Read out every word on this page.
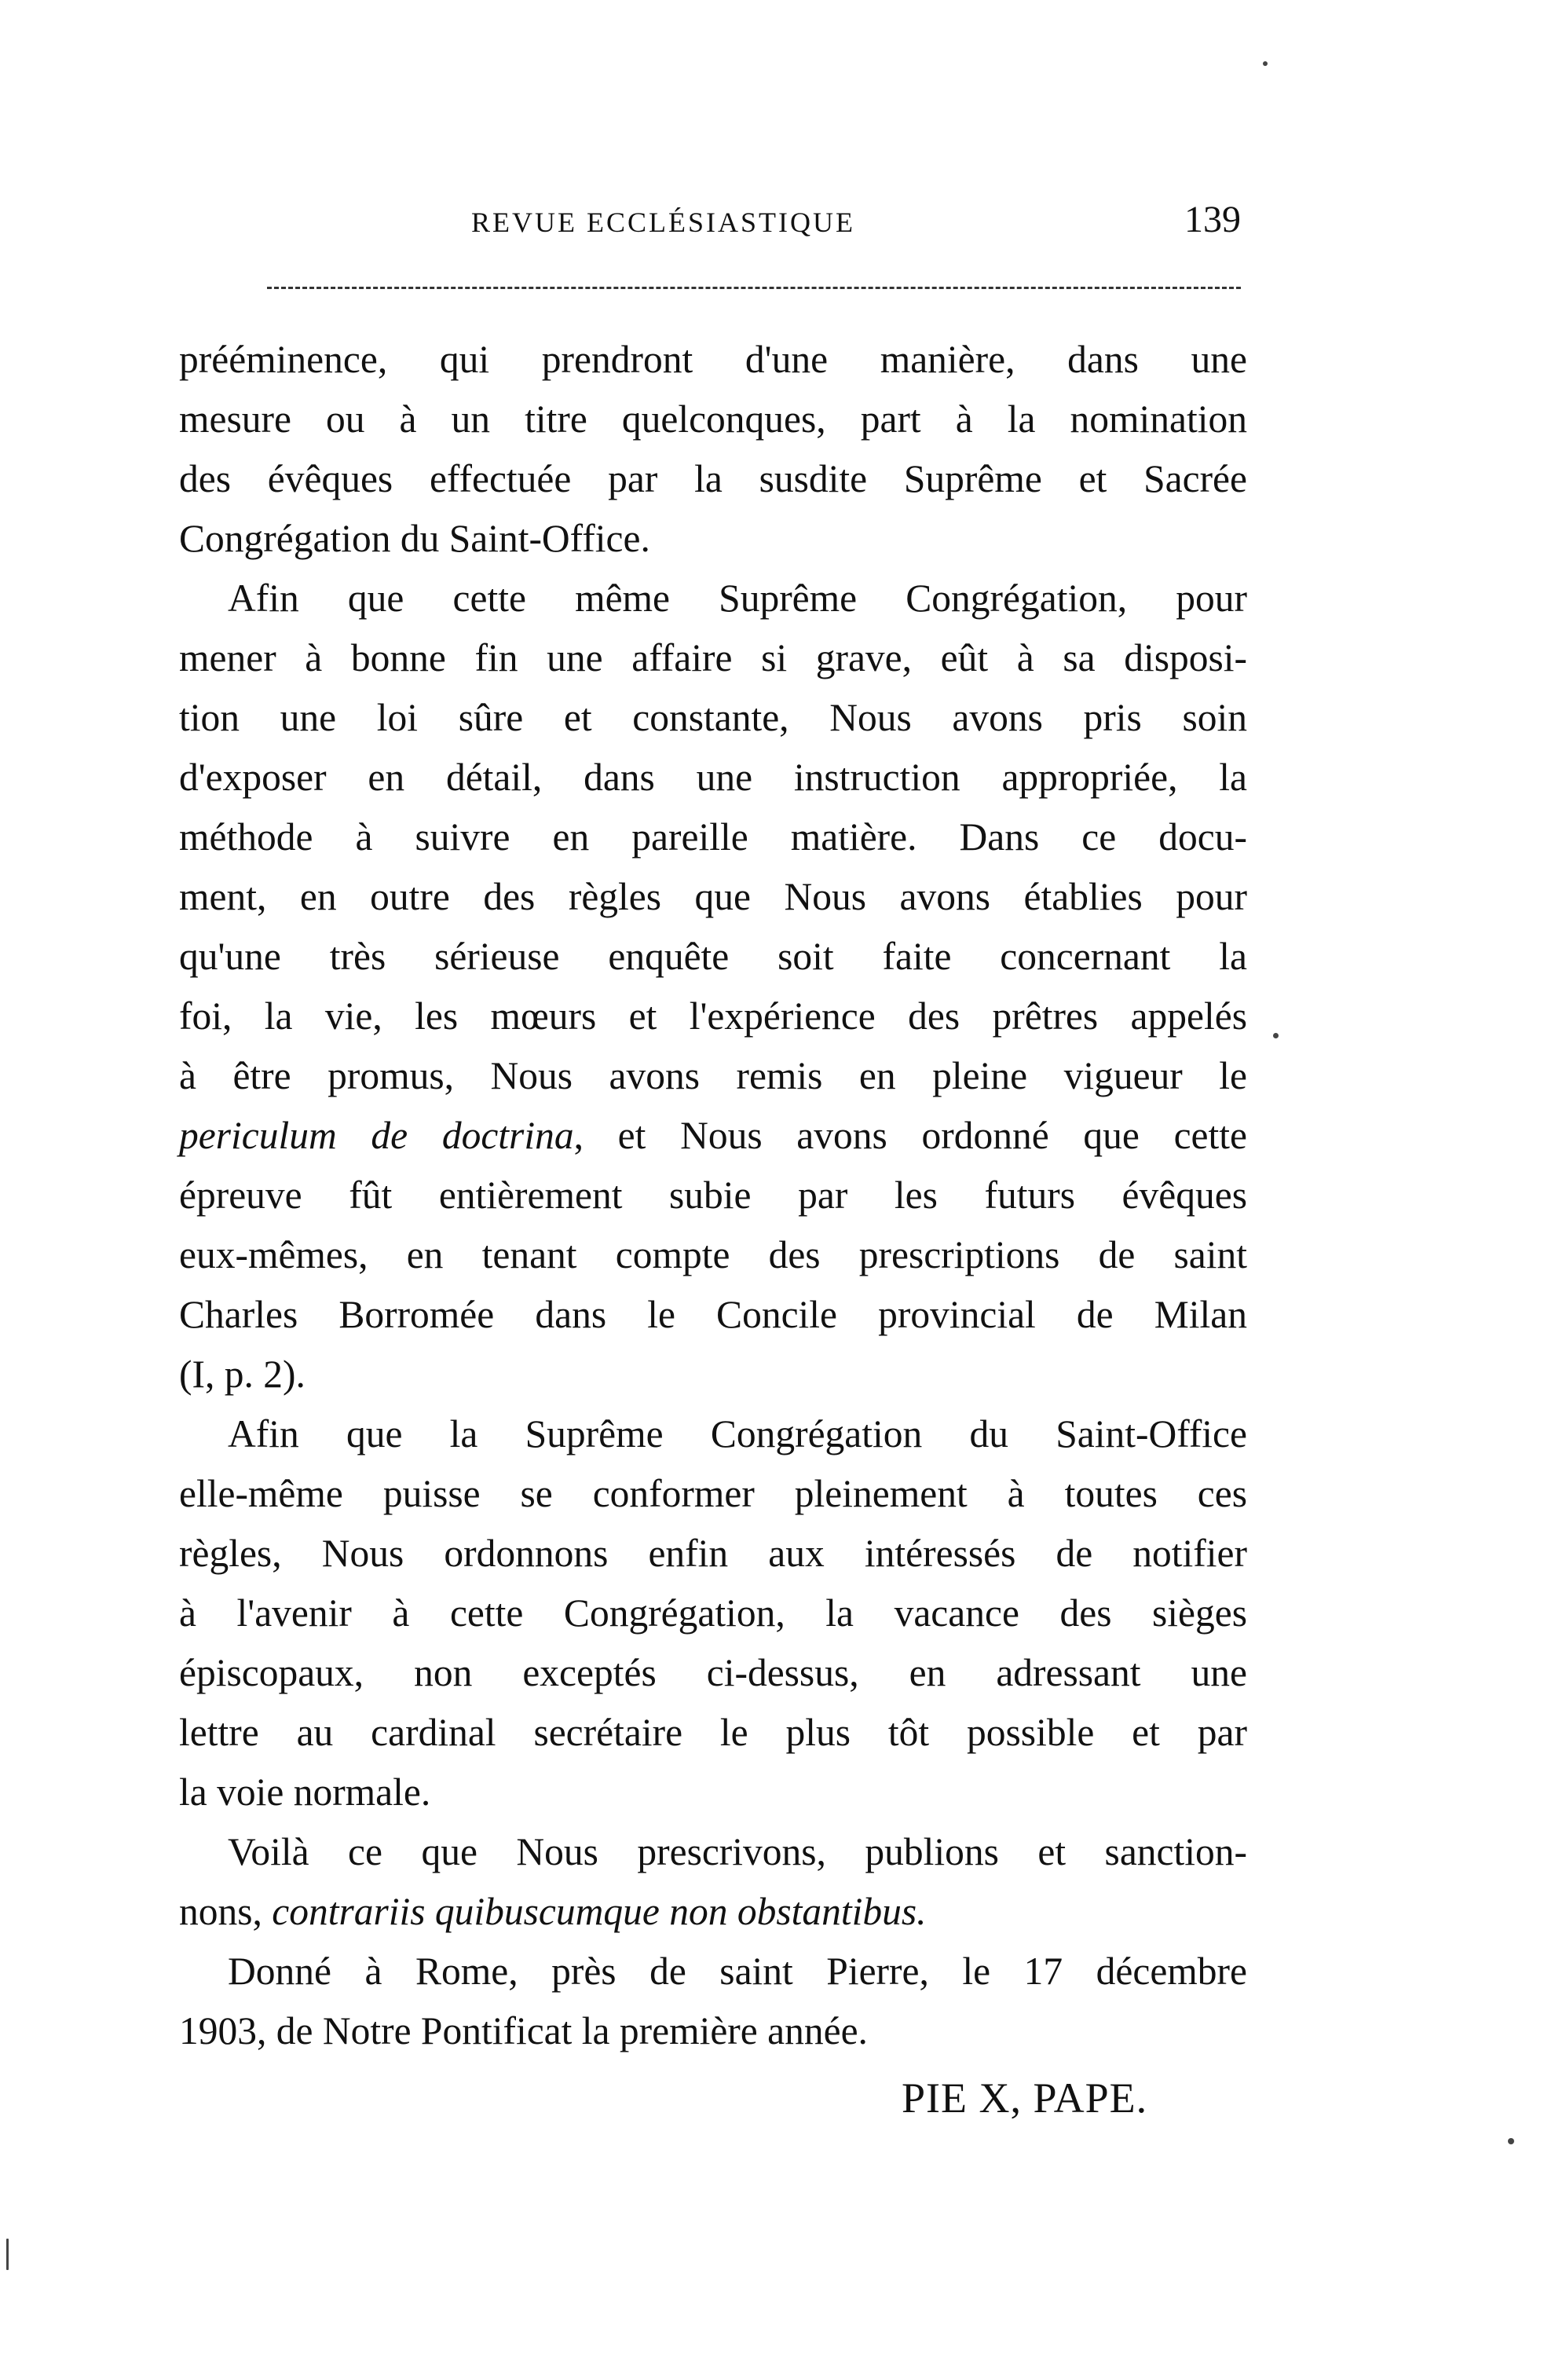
REVUE ECCLÉSIASTIQUE	139
prééminence, qui prendront d'une manière, dans une
mesure ou à un titre quelconques, part à la nomination
des évêques effectuée par la susdite Suprême et Sacrée
Congrégation du Saint-Office.
Afin que cette même Suprême Congrégation, pour
mener à bonne fin une affaire si grave, eût à sa disposi-
tion une loi sûre et constante, Nous avons pris soin
d'exposer en détail, dans une instruction appropriée, la
méthode à suivre en pareille matière. Dans ce docu-
ment, en outre des règles que Nous avons établies pour
qu'une très sérieuse enquête soit faite concernant la
foi, la vie, les mœurs et l'expérience des prêtres appelés
à être promus, Nous avons remis en pleine vigueur le
periculum de doctrina, et Nous avons ordonné que cette
épreuve fût entièrement subie par les futurs évêques
eux-mêmes, en tenant compte des prescriptions de saint
Charles Borromée dans le Concile provincial de Milan
(I, p. 2).
Afin que la Suprême Congrégation du Saint-Office
elle-même puisse se conformer pleinement à toutes ces
règles, Nous ordonnons enfin aux intéressés de notifier
à l'avenir à cette Congrégation, la vacance des sièges
épiscopaux, non exceptés ci-dessus, en adressant une
lettre au cardinal secrétaire le plus tôt possible et par
la voie normale.
Voilà ce que Nous prescrivons, publions et sanction-
nons, contrariis quibuscumque non obstantibus.
Donné à Rome, près de saint Pierre, le 17 décembre
1903, de Notre Pontificat la première année.
PIE X, PAPE.
